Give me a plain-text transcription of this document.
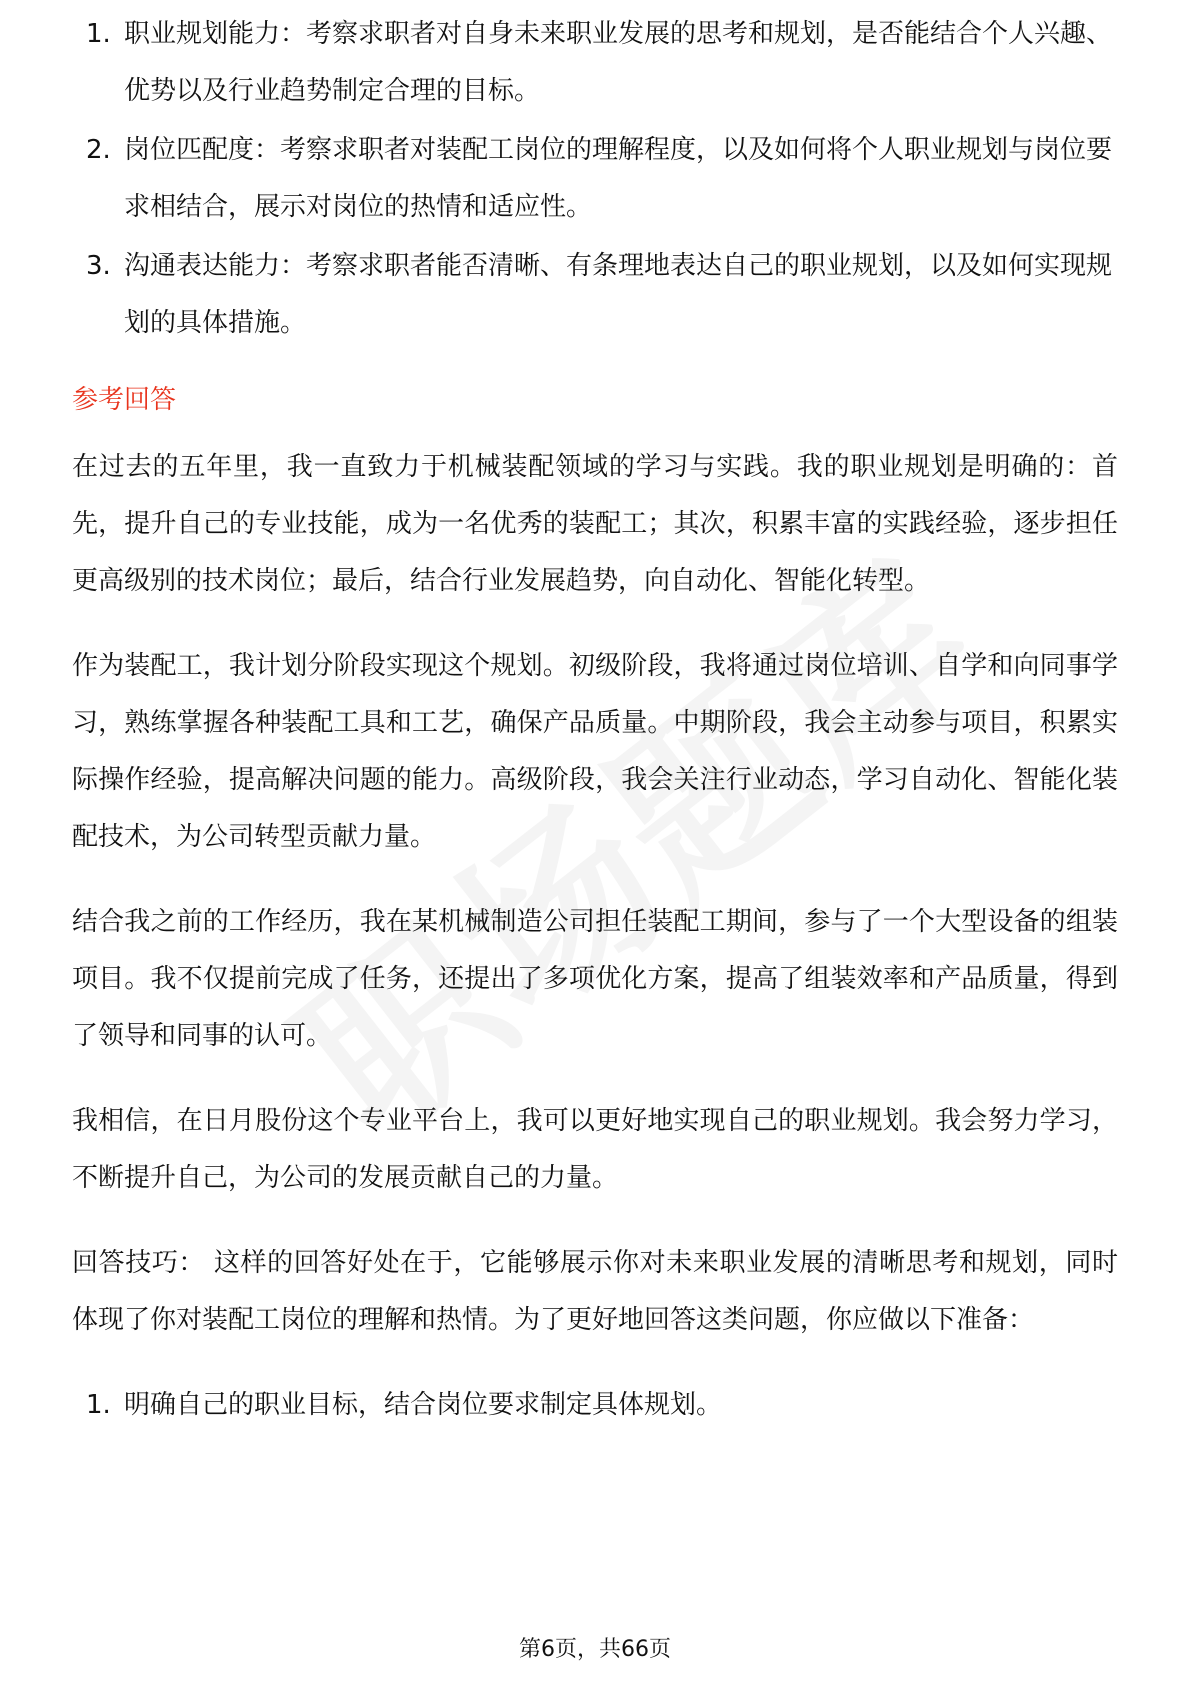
1. 职业规划能力：考察求职者对自身未来职业发展的思考和规划，是否能结合个人兴趣、优势以及行业趋势制定合理的目标。
2. 岗位匹配度：考察求职者对装配工岗位的理解程度，以及如何将个人职业规划与岗位要求相结合，展示对岗位的热情和适应性。
3. 沟通表达能力：考察求职者能否清晰、有条理地表达自己的职业规划，以及如何实现规划的具体措施。
参考回答

在过去的五年里，我一直致力于机械装配领域的学习与实践。我的职业规划是明确的：首先，提升自己的专业技能，成为一名优秀的装配工；其次，积累丰富的实践经验，逐步担任更高级别的技术岗位；最后，结合行业发展趋势，向自动化、智能化转型。

作为装配工，我计划分阶段实现这个规划。初级阶段，我将通过岗位培训、自学和向同事学习，熟练掌握各种装配工具和工艺，确保产品质量。中期阶段，我会主动参与项目，积累实际操作经验，提高解决问题的能力。高级阶段，我会关注行业动态，学习自动化、智能化装配技术，为公司转型贡献力量。

结合我之前的工作经历，我在某机械制造公司担任装配工期间，参与了一个大型设备的组装项目。我不仅提前完成了任务，还提出了多项优化方案，提高了组装效率和产品质量，得到了领导和同事的认可。

我相信，在日月股份这个专业平台上，我可以更好地实现自己的职业规划。我会努力学习，不断提升自己，为公司的发展贡献自己的力量。

回答技巧： 这样的回答好处在于，它能够展示你对未来职业发展的清晰思考和规划，同时体现了你对装配工岗位的理解和热情。为了更好地回答这类问题，你应做以下准备：

1. 明确自己的职业目标，结合岗位要求制定具体规划。
第6页，共66页
